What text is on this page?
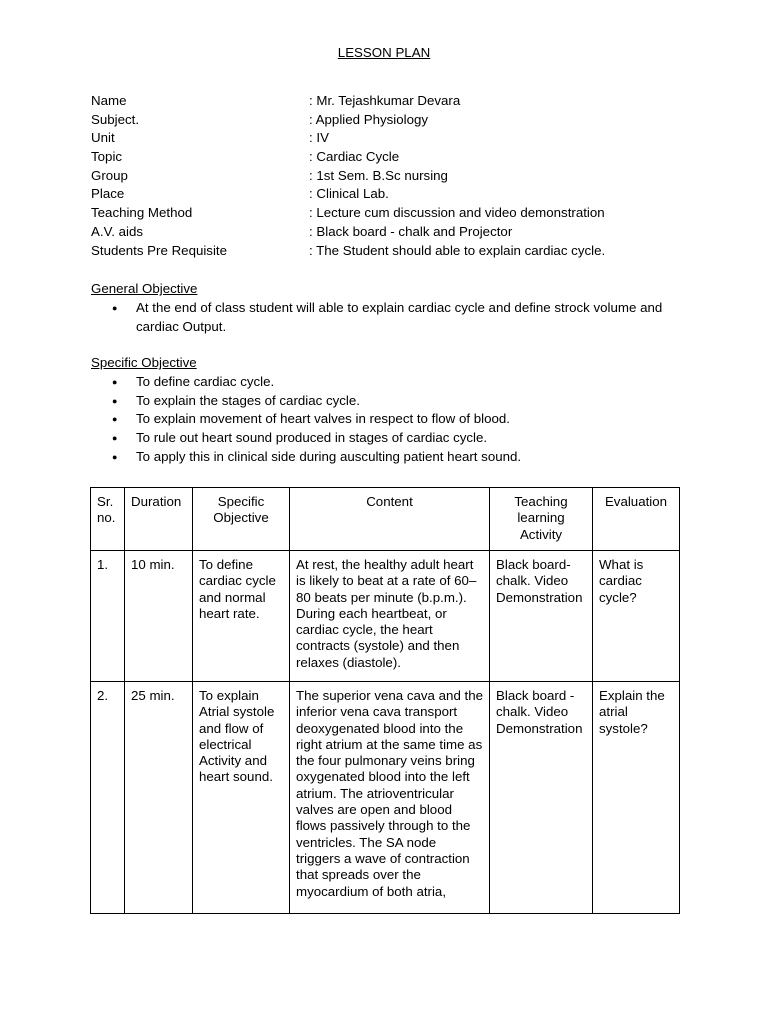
LESSON PLAN
Name	: Mr. Tejashkumar Devara
Subject.	: Applied Physiology
Unit	: IV
Topic	: Cardiac Cycle
Group	: 1st Sem. B.Sc nursing
Place	: Clinical Lab.
Teaching Method	: Lecture cum discussion and video demonstration
A.V. aids	: Black board - chalk and Projector
Students Pre Requisite	: The Student should able to explain cardiac cycle.
General Objective
● At the end of class student will able to explain cardiac cycle and define strock volume and cardiac Output.
Specific Objective
● To define cardiac cycle.
● To explain the stages of cardiac cycle.
● To explain movement of heart valves in respect to flow of blood.
● To rule out heart sound produced in stages of cardiac cycle.
● To apply this in clinical side during ausculting patient heart sound.
Sr. no.	Duration	Specific Objective	Content	Teaching learning Activity	Evaluation
1.	10 min.	To define cardiac cycle and normal heart rate.	At rest, the healthy adult heart is likely to beat at a rate of 60–80 beats per minute (b.p.m.). During each heartbeat, or cardiac cycle, the heart contracts (systole) and then relaxes (diastole).	Black board- chalk. Video Demonstration	What is cardiac cycle?
2.	25 min.	To explain Atrial systole and flow of electrical Activity and heart sound.	The superior vena cava and the inferior vena cava transport deoxygenated blood into the right atrium at the same time as the four pulmonary veins bring oxygenated blood into the left atrium. The atrioventricular valves are open and blood flows passively through to the ventricles. The SA node triggers a wave of contraction that spreads over the myocardium of both atria,	Black board - chalk. Video Demonstration	Explain the atrial systole?
